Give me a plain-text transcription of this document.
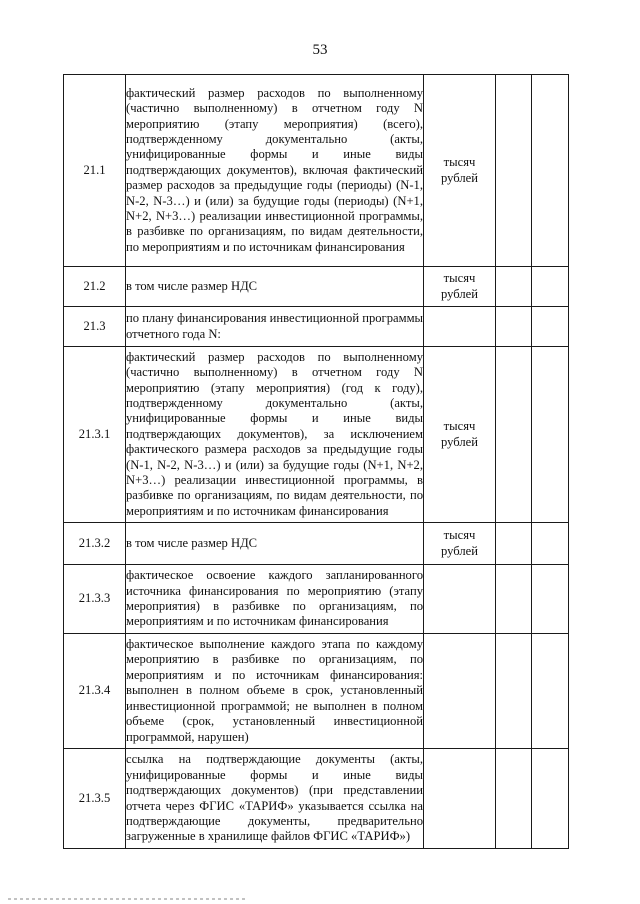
53
21.1	фактический размер расходов по выполненному (частично выполненному) в отчетном году N мероприятию (этапу мероприятия) (всего), подтвержденному документально (акты, унифицированные формы и иные виды подтверждающих документов), включая фактический размер расходов за предыдущие годы (периоды) (N-1, N-2, N-3…) и (или) за будущие годы (периоды) (N+1, N+2, N+3…) реализации инвестиционной программы, в разбивке по организациям, по видам деятельности, по мероприятиям и по источникам финансирования	тысяч рублей		
21.2	в том числе размер НДС	тысяч рублей		
21.3	по плану финансирования инвестиционной программы отчетного года N:			
21.3.1	фактический размер расходов по выполненному (частично выполненному) в отчетном году N мероприятию (этапу мероприятия) (год к году), подтвержденному документально (акты, унифицированные формы и иные виды подтверждающих документов), за исключением фактического размера расходов за предыдущие годы (N-1, N-2, N-3…) и (или) за будущие годы (N+1, N+2, N+3…) реализации инвестиционной программы, в разбивке по организациям, по видам деятельности, по мероприятиям и по источникам финансирования	тысяч рублей		
21.3.2	в том числе размер НДС	тысяч рублей		
21.3.3	фактическое освоение каждого запланированного источника финансирования по мероприятию (этапу мероприятия) в разбивке по организациям, по мероприятиям и по источникам финансирования			
21.3.4	фактическое выполнение каждого этапа по каждому мероприятию в разбивке по организациям, по мероприятиям и по источникам финансирования: выполнен в полном объеме в срок, установленный инвестиционной программой; не выполнен в полном объеме (срок, установленный инвестиционной программой, нарушен)			
21.3.5	ссылка на подтверждающие документы (акты, унифицированные формы и иные виды подтверждающих документов) (при представлении отчета через ФГИС «ТАРИФ» указывается ссылка на подтверждающие документы, предварительно загруженные в хранилище файлов ФГИС «ТАРИФ»)			
